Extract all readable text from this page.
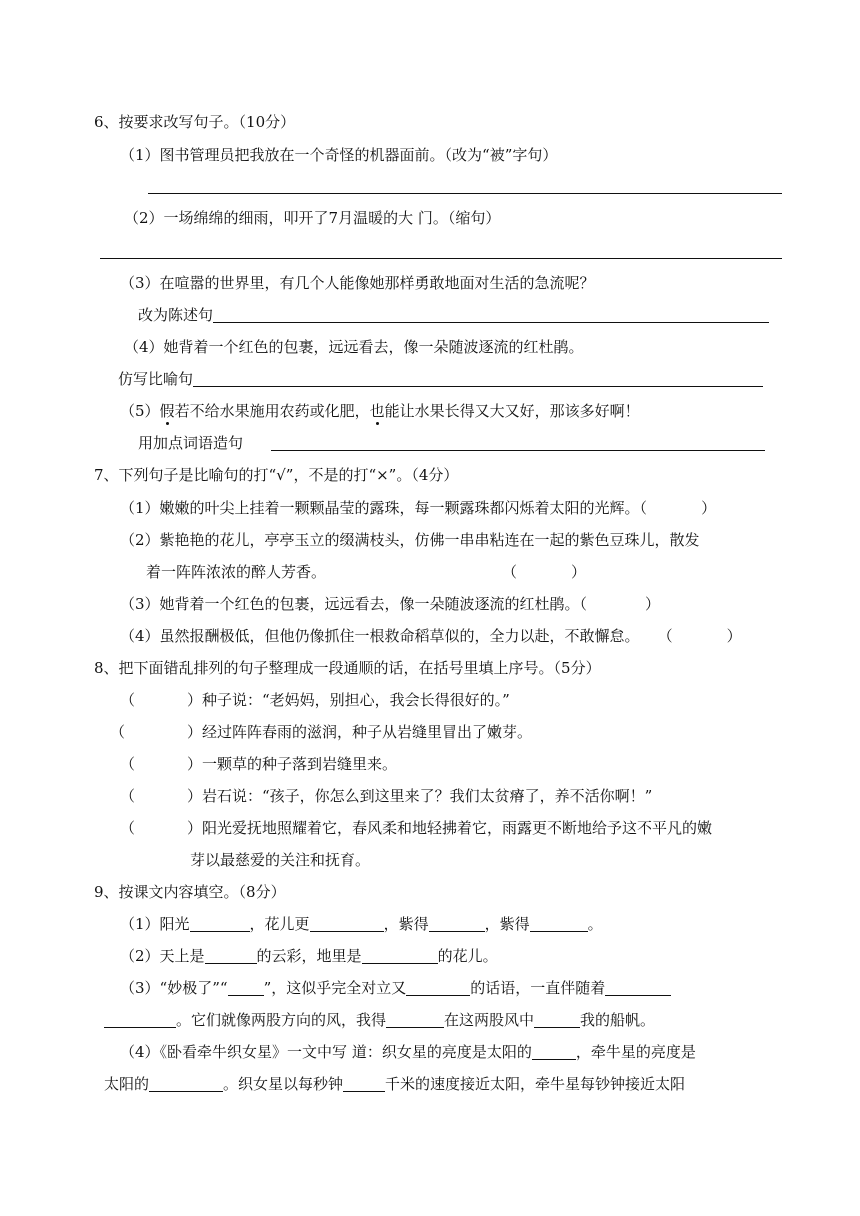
6、按要求改写句子。（10分）
（1）图书管理员把我放在一个奇怪的机器面前。（改为“被”字句）
（2）一场绵绵的细雨，叩开了7月温暖的大 门。（缩句）
（3）在喧嚣的世界里，有几个人能像她那样勇敢地面对生活的急流呢？
改为陈述句
（4）她背着一个红色的包裹，远远看去，像一朵随波逐流的红杜鹃。
仿写比喻句
（5）假若不给水果施用农药或化肥，也能让水果长得又大又好，那该多好啊！
用加点词语造句
7、下列句子是比喻句的打“√”，不是的打“×”。（4分）
（1）嫩嫩的叶尖上挂着一颗颗晶莹的露珠，每一颗露珠都闪烁着太阳的光辉。（	）
（2）紫艳艳的花儿，亭亭玉立的缀满枝头，仿佛一串串粘连在一起的紫色豆珠儿，散发
着一阵阵浓浓的醉人芳香。	（	）
（3）她背着一个红色的包裹，远远看去，像一朵随波逐流的红杜鹃。（	）
（4）虽然报酬极低，但他仍像抓住一根救命稻草似的，全力以赴，不敢懈怠。 （	）
8、把下面错乱排列的句子整理成一段通顺的话，在括号里填上序号。（5分）
（	）种子说：“老妈妈，别担心，我会长得很好的。”
（	）经过阵阵春雨的滋润，种子从岩缝里冒出了嫩芽。
（	）一颗草的种子落到岩缝里来。
（	）岩石说：“孩子，你怎么到这里来了？我们太贫瘠了，养不活你啊！”
（	）阳光爱抚地照耀着它，春风柔和地轻拂着它，雨露更不断地给予这不平凡的嫩
芽以最慈爱的关注和抚育。
9、按课文内容填空。（8分）
（1）阳光	，花儿更	，紫得	，紫得	。
（2）天上是	的云彩，地里是	的花儿。
（3）“妙极了”“ ”，这似乎完全对立又	的话语，一直伴随着
。它们就像两股方向的风，我得	在这两股风中	我的船帆。
（4）《卧看牵牛织女星》一文中写 道：织女星的亮度是太阳的	，牵牛星的亮度是
太阳的	。织女星以每秒钟	千米的速度接近太阳，牵牛星每钞钟接近太阳
